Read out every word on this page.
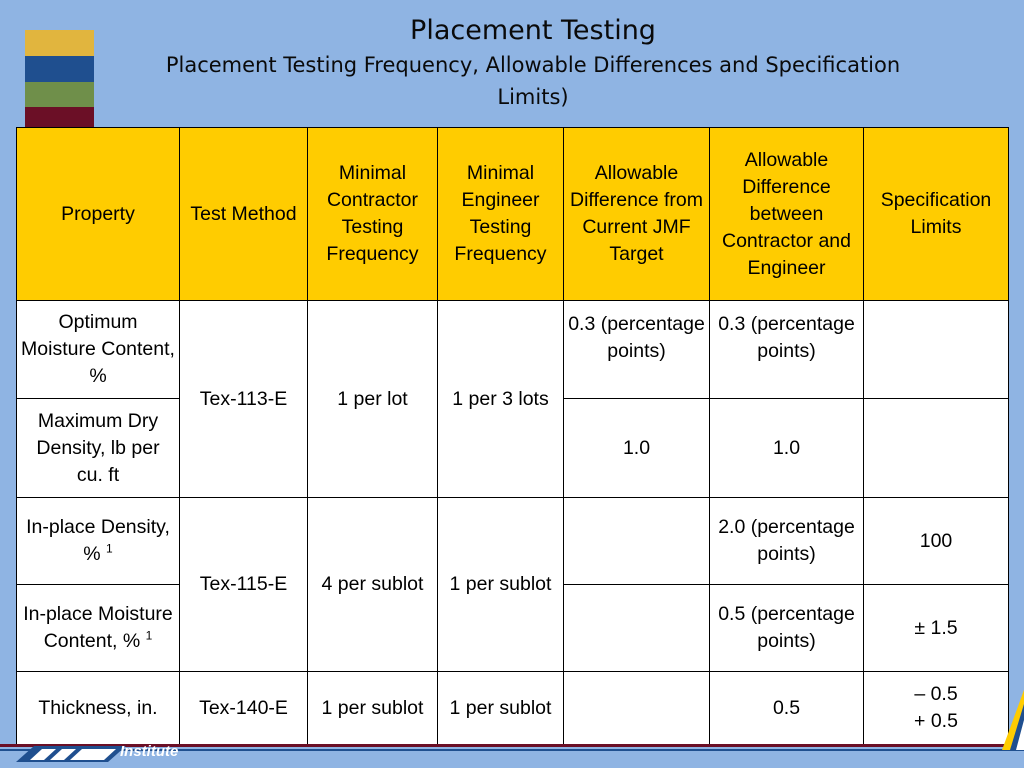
Placement Testing
Placement Testing Frequency, Allowable Differences and Specification
Limits)
Property	Test Method	Minimal Contractor Testing Frequency	Minimal Engineer Testing Frequency	Allowable Difference from Current JMF Target	Allowable Difference between Contractor and Engineer	Specification Limits
Optimum Moisture Content, %	Tex-113-E	1 per lot	1 per 3 lots	0.3 (percentage points)	0.3 (percentage points)	
Maximum Dry Density, lb per cu. ft				1.0	1.0	
In-place Density, % $^1$	Tex-115-E	4 per sublot	1 per sublot		2.0 (percentage points)	100
In-place Moisture Content, % $^1$					0.5 (percentage points)	± 1.5
Thickness, in.	Tex-140-E	1 per sublot	1 per sublot		0.5	– 0.5
+ 0.5
Institute
